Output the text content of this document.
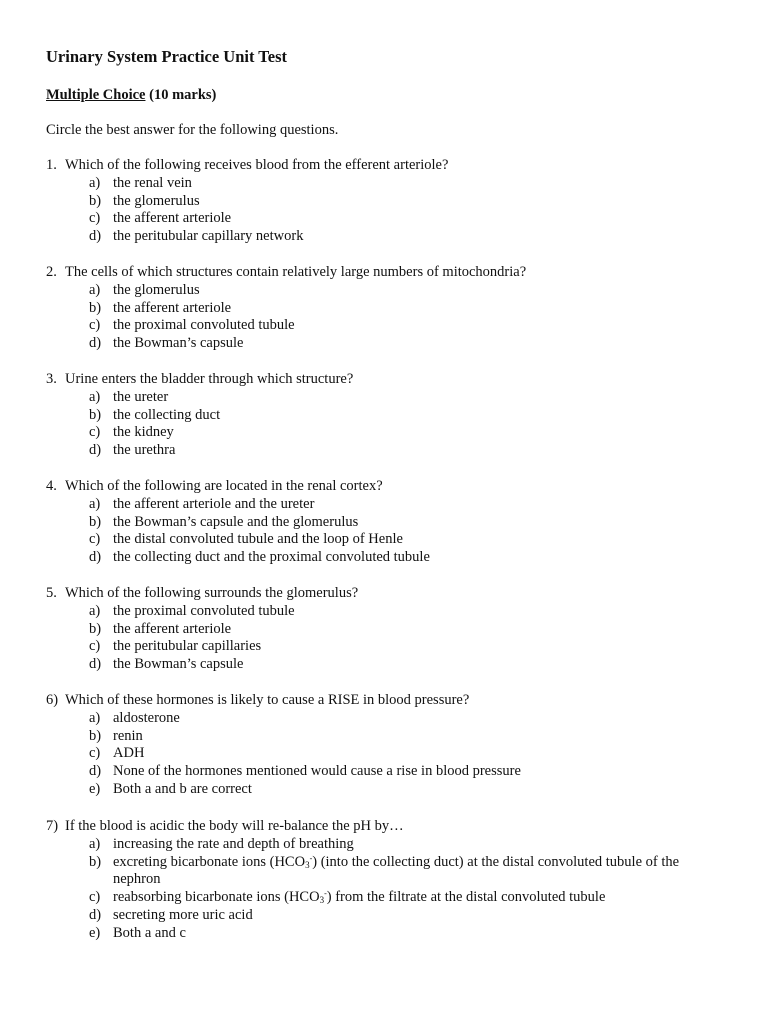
Urinary System Practice Unit Test
Multiple Choice (10 marks)
Circle the best answer for the following questions.
1. Which of the following receives blood from the efferent arteriole?
a) the renal vein
b) the glomerulus
c) the afferent arteriole
d) the peritubular capillary network
2. The cells of which structures contain relatively large numbers of mitochondria?
a) the glomerulus
b) the afferent arteriole
c) the proximal convoluted tubule
d) the Bowman’s capsule
3. Urine enters the bladder through which structure?
a) the ureter
b) the collecting duct
c) the kidney
d) the urethra
4. Which of the following are located in the renal cortex?
a) the afferent arteriole and the ureter
b) the Bowman’s capsule and the glomerulus
c) the distal convoluted tubule and the loop of Henle
d) the collecting duct and the proximal convoluted tubule
5. Which of the following surrounds the glomerulus?
a) the proximal convoluted tubule
b) the afferent arteriole
c) the peritubular capillaries
d) the Bowman’s capsule
6) Which of these hormones is likely to cause a RISE in blood pressure?
a) aldosterone
b) renin
c) ADH
d) None of the hormones mentioned would cause a rise in blood pressure
e) Both a and b are correct
7) If the blood is acidic the body will re-balance the pH by…
a) increasing the rate and depth of breathing
b) excreting bicarbonate ions $(HCO_3^-)$ (into the collecting duct) at the distal convoluted tubule of the nephron
c) reabsorbing bicarbonate ions $(HCO_3^-)$ from the filtrate at the distal convoluted tubule
d) secreting more uric acid
e) Both a and c
